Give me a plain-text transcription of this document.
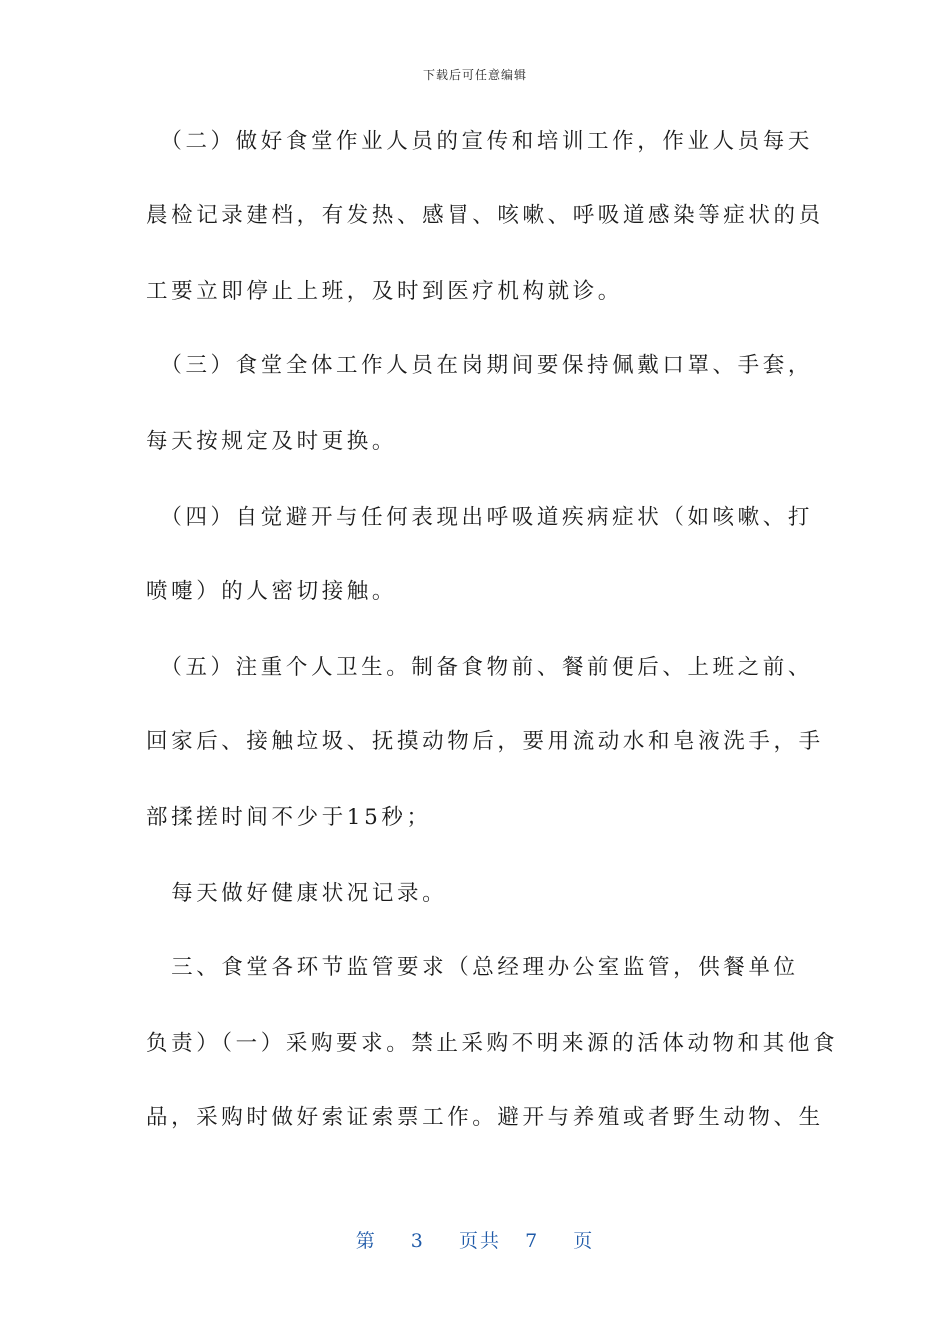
下载后可任意编辑
　（二）做好食堂作业人员的宣传和培训工作，作业人员每天
晨检记录建档，有发热、感冒、咳嗽、呼吸道感染等症状的员
工要立即停止上班，及时到医疗机构就诊。
　（三）食堂全体工作人员在岗期间要保持佩戴口罩、手套，
每天按规定及时更换。
　（四）自觉避开与任何表现出呼吸道疾病症状（如咳嗽、打
喷嚏）的人密切接触。
　（五）注重个人卫生。制备食物前、餐前便后、上班之前、
回家后、接触垃圾、抚摸动物后，要用流动水和皂液洗手，手
部揉搓时间不少于15秒；
　每天做好健康状况记录。
　三、食堂各环节监管要求（总经理办公室监管，供餐单位
负责）（一）采购要求。禁止采购不明来源的活体动物和其他食
品，采购时做好索证索票工作。避开与养殖或者野生动物、生
第 3 页共 7 页
